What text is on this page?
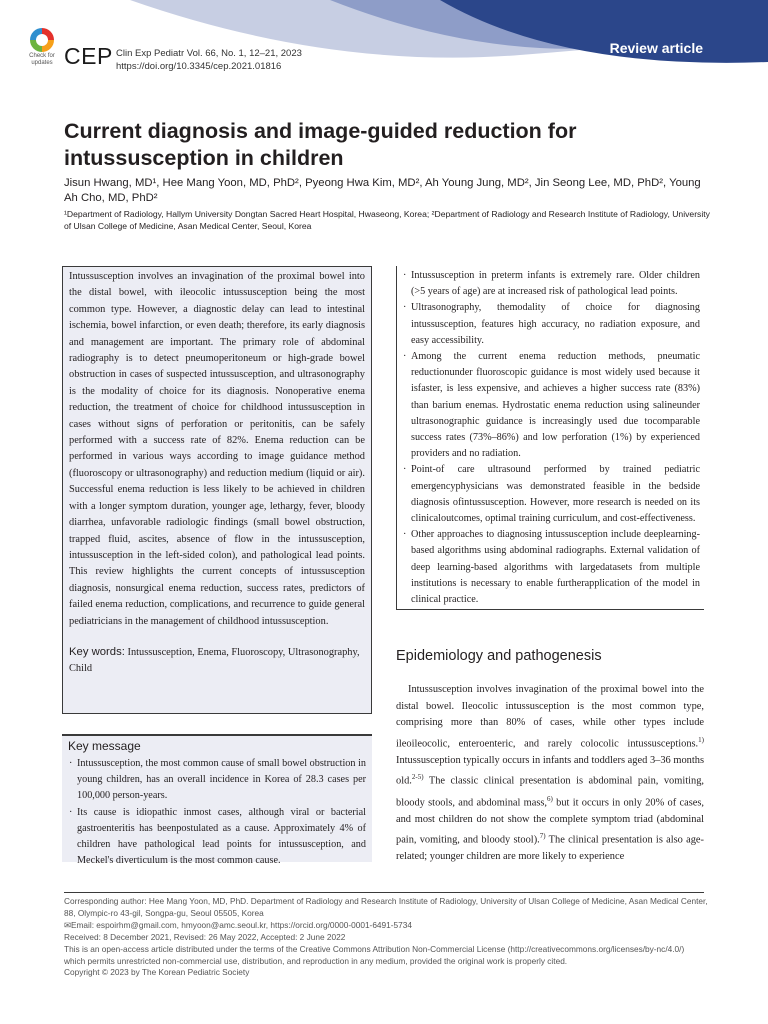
Check for updates CEP Clin Exp Pediatr Vol. 66, No. 1, 12–21, 2023
https://doi.org/10.3345/cep.2021.01816
Review article
Current diagnosis and image-guided reduction for intussusception in children
Jisun Hwang, MD¹, Hee Mang Yoon, MD, PhD², Pyeong Hwa Kim, MD², Ah Young Jung, MD², Jin Seong Lee, MD, PhD², Young Ah Cho, MD, PhD²
¹Department of Radiology, Hallym University Dongtan Sacred Heart Hospital, Hwaseong, Korea; ²Department of Radiology and Research Institute of Radiology, University of Ulsan College of Medicine, Asan Medical Center, Seoul, Korea

Intussusception involves an invagination of the proximal bowel into the distal bowel, with ileocolic intussusception being the most common type. However, a diagnostic delay can lead to intestinal ischemia, bowel infarction, or even death; therefore, its early diagnosis and management are important. The primary role of abdominal radiography is to detect pneumoperitoneum or high-grade bowel obstruction in cases of suspected intussusception, and ultrasonography is the modality of choice for its diagnosis. Nonoperative enema reduction, the treatment of choice for childhood intussusception in cases without signs of perforation or peritonitis, can be safely performed with a success rate of 82%. Enema reduction can be performed in various ways according to image guidance method (fluoroscopy or ultrasonography) and reduction medium (liquid or air). Successful enema reduction is less likely to be achieved in children with a longer symptom duration, younger age, lethargy, fever, bloody diarrhea, unfavorable radiologic findings (small bowel obstruction, trapped fluid, ascites, absence of flow in the intussusception, intussusception in the left-sided colon), and pathological lead points. This review highlights the current concepts of intussusception diagnosis, nonsurgical enema reduction, success rates, predictors of failed enema reduction, complications, and recurrence to guide general pediatricians in the management of childhood intussusception.

Key words: Intussusception, Enema, Fluoroscopy, Ultrasonography, Child
Key message
· Intussusception, the most common cause of small bowel obstruction in young children, has an overall incidence in Korea of 28.3 cases per 100,000 person-years.
· Its cause is idiopathic inmost cases, although viral or bacterial gastroenteritis has beenpostulated as a cause. Approximately 4% of children have pathological lead points for intussusception, and Meckel's diverticulum is the most common cause.
· Intussusception in preterm infants is extremely rare. Older children (>5 years of age) are at increased risk of pathological lead points.
· Ultrasonography, themodality of choice for diagnosing intussusception, features high accuracy, no radiation exposure, and easy accessibility.
· Among the current enema reduction methods, pneumatic reductionunder fluoroscopic guidance is most widely used because it isfaster, is less expensive, and achieves a higher success rate (83%) than barium enemas. Hydrostatic enema reduction using salineunder ultrasonographic guidance is increasingly used due tocomparable success rates (73%–86%) and low perforation (1%) by experienced providers and no radiation.
· Point-of care ultrasound performed by trained pediatric emergencyphysicians was demonstrated feasible in the bedside diagnosis ofintussusception. However, more research is needed on its clinicaloutcomes, optimal training curriculum, and cost-effectiveness.
· Other approaches to diagnosing intussusception include deeplearning-based algorithms using abdominal radiographs. External validation of deep learning-based algorithms with largedatasets from multiple institutions is necessary to enable furtherapplication of the model in clinical practice.
Epidemiology and pathogenesis

Intussusception involves invagination of the proximal bowel into the distal bowel. Ileocolic intussusception is the most common type, comprising more than 80% of cases, while other types include ileoileocolic, enteroenteric, and rarely colocolic intussusceptions.$^{1)}$ Intussusception typically occurs in infants and toddlers aged 3–36 months old.$^{2-5)}$ The classic clinical presentation is abdominal pain, vomiting, bloody stools, and abdominal mass,$^{6)}$ but it occurs in only 20% of cases, and most children do not show the complete symptom triad (abdominal pain, vomiting, and bloody stool).$^{7)}$ The clinical presentation is also age-related; younger children are more likely to experience

Corresponding author: Hee Mang Yoon, MD, PhD. Department of Radiology and Research Institute of Radiology, University of Ulsan College of Medicine, Asan Medical Center, 88, Olympic-ro 43-gil, Songpa-gu, Seoul 05505, Korea
✉Email: espoirhm@gmail.com, hmyoon@amc.seoul.kr, https://orcid.org/0000-0001-6491-5734
Received: 8 December 2021, Revised: 26 May 2022, Accepted: 2 June 2022
This is an open-access article distributed under the terms of the Creative Commons Attribution Non-Commercial License (http://creativecommons.org/licenses/by-nc/4.0/) which permits unrestricted non-commercial use, distribution, and reproduction in any medium, provided the original work is properly cited.
Copyright © 2023 by The Korean Pediatric Society
